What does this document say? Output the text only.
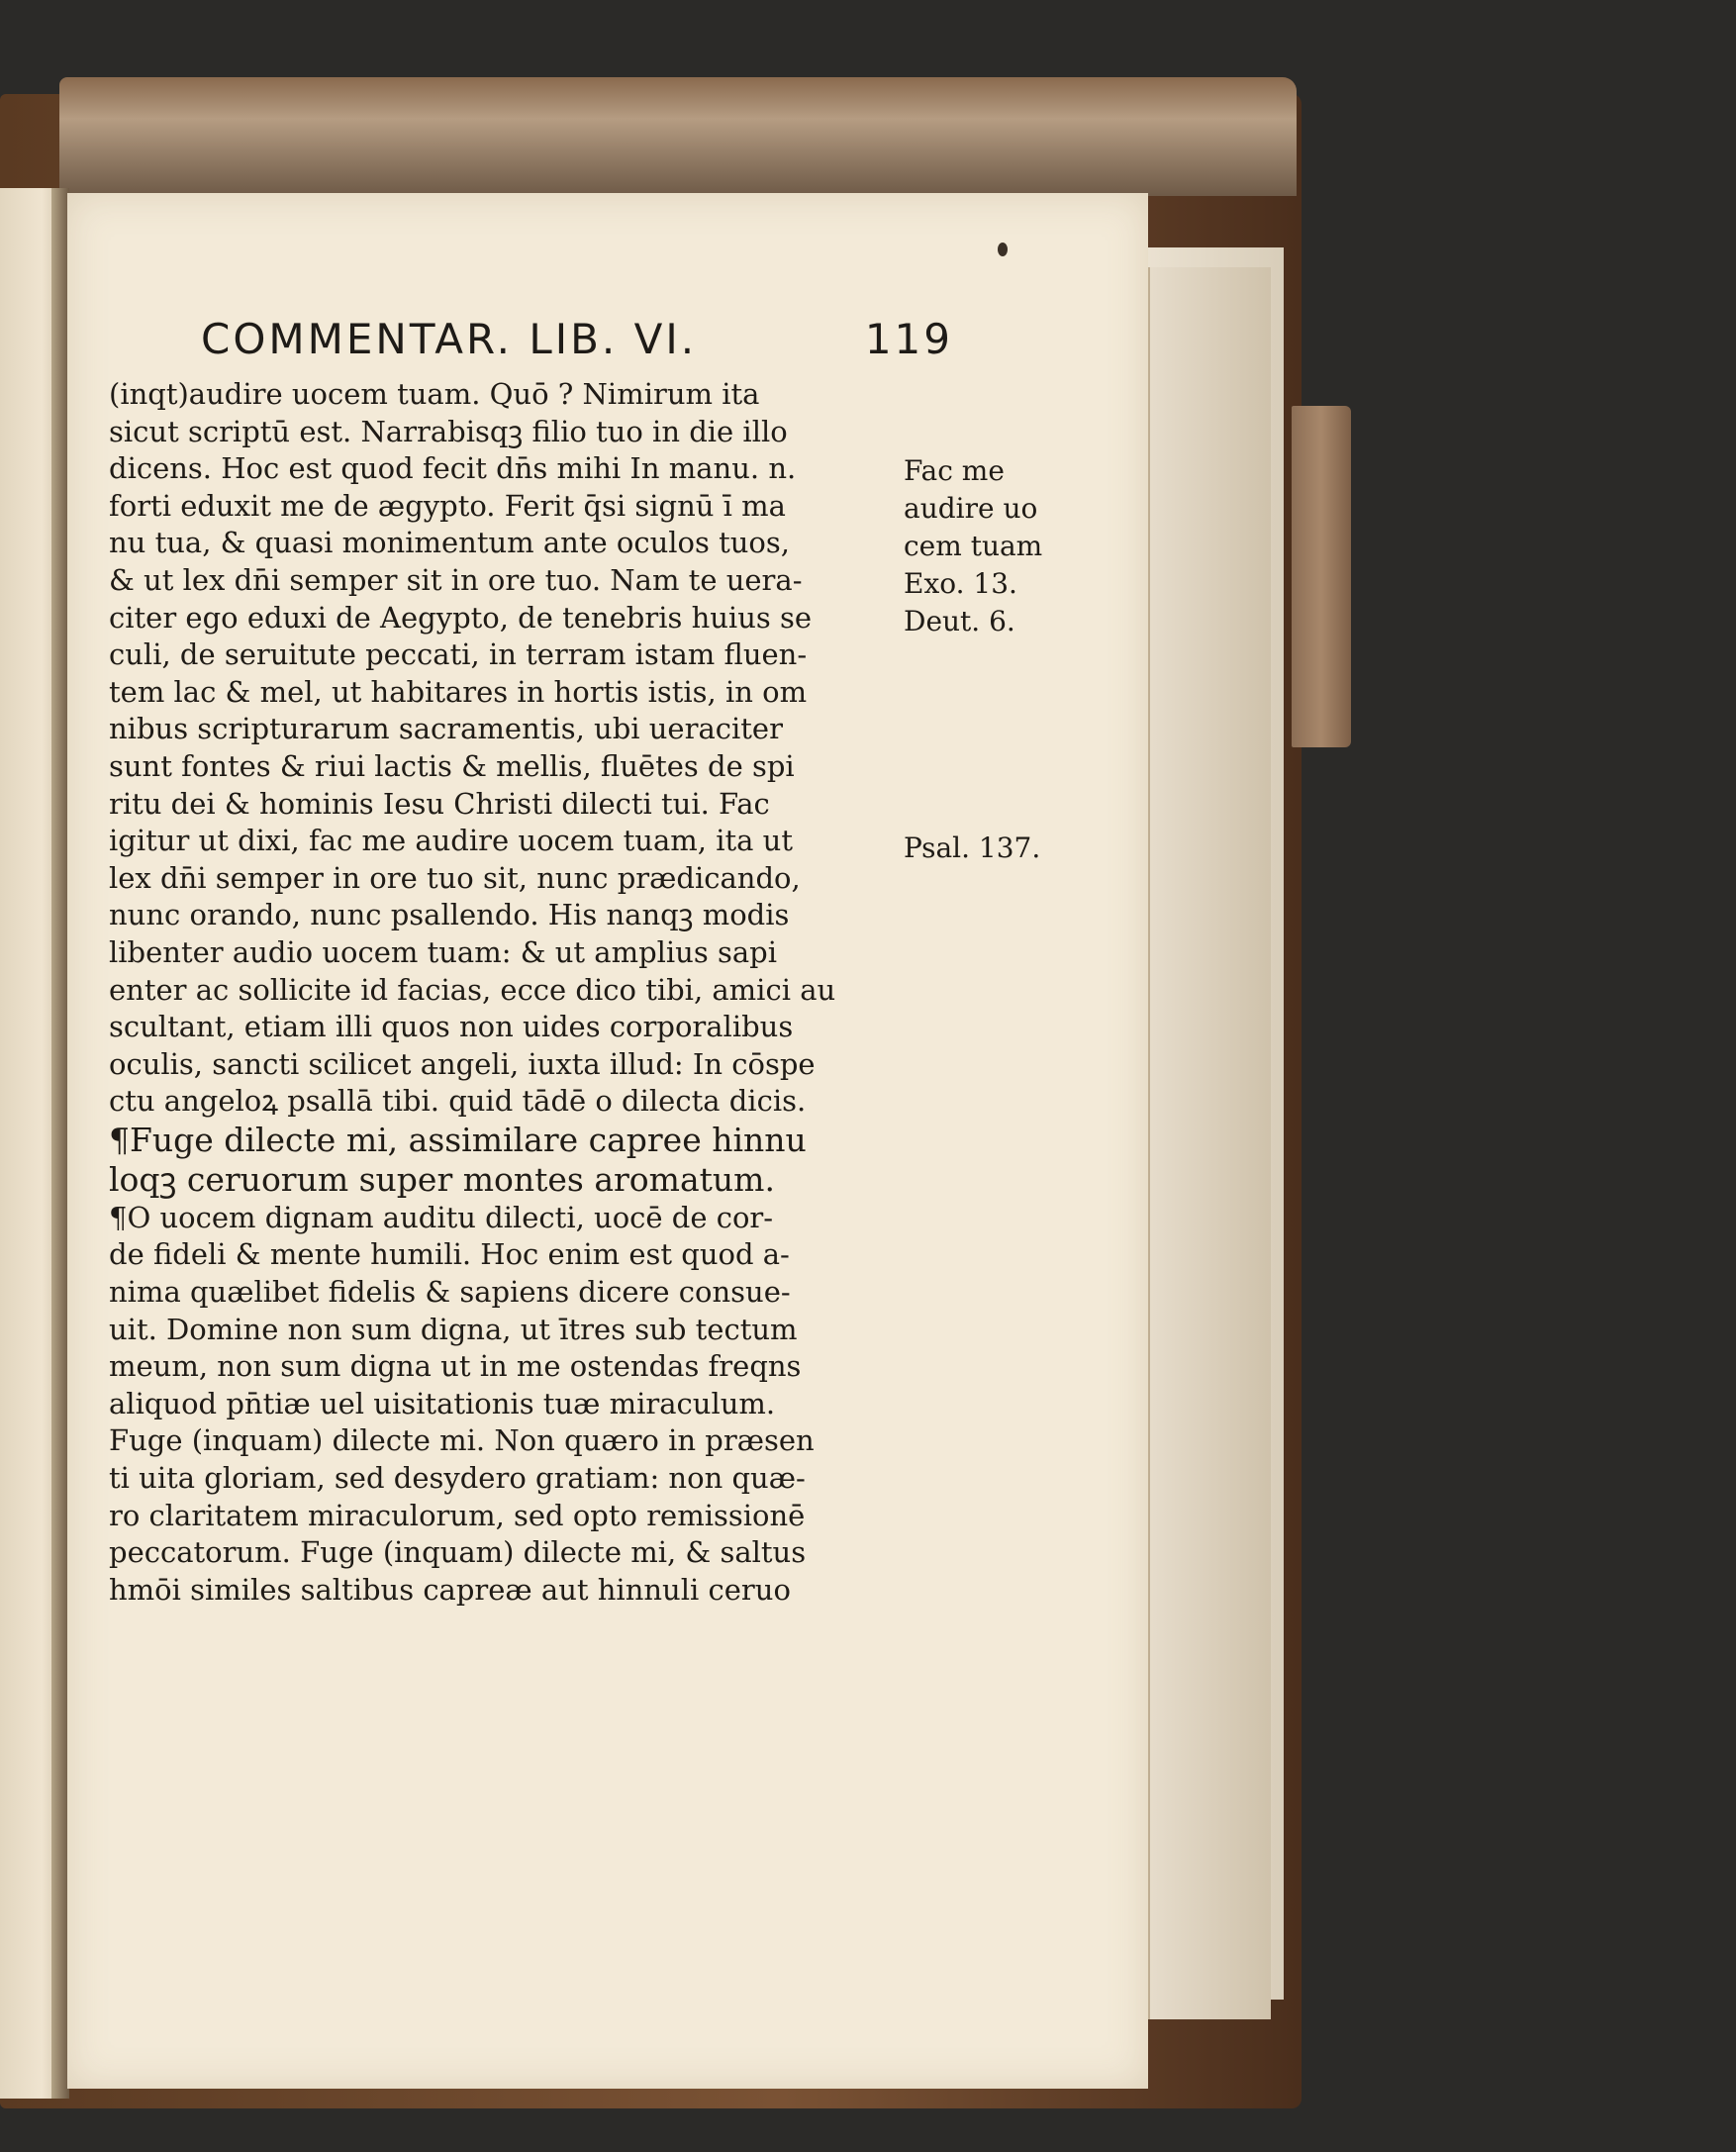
COMMENTAR. LIB. VI.	119
(inqt)audire uocem tuam. Quō ? Nimirum ita
sicut scriptū est. Narrabisqꝫ filio tuo in die illo
dicens. Hoc est quod fecit dn̄s mihi In manu. n.
forti eduxit me de ægypto. Ferit q̄si signū ī ma
nu tua, & quasi monimentum ante oculos tuos,
& ut lex dn̄i semper sit in ore tuo. Nam te uera-
citer ego eduxi de Aegypto, de tenebris huius se
culi, de seruitute peccati, in terram istam fluen-
tem lac & mel, ut habitares in hortis istis, in om
nibus scripturarum sacramentis, ubi ueraciter
sunt fontes & riui lactis & mellis, fluētes de spi
ritu dei & hominis Iesu Christi dilecti tui. Fac
igitur ut dixi, fac me audire uocem tuam, ita ut
lex dn̄i semper in ore tuo sit, nunc prædicando,
nunc orando, nunc psallendo. His nanqꝫ modis
libenter audio uocem tuam: & ut amplius sapi
enter ac sollicite id facias, ecce dico tibi, amici au
scultant, etiam illi quos non uides corporalibus
oculis, sancti scilicet angeli, iuxta illud: In cōspe
ctu angeloꝝ psallā tibi. quid tādē o dilecta dicis.
¶Fuge dilecte mi, assimilare capree hinnu
loqꝫ ceruorum super montes aromatum.
¶O uocem dignam auditu dilecti, uocē de cor-
de fideli & mente humili. Hoc enim est quod a-
nima quælibet fidelis & sapiens dicere consue-
uit. Domine non sum digna, ut ītres sub tectum
meum, non sum digna ut in me ostendas freqns
aliquod pn̄tiæ uel uisitationis tuæ miraculum.
Fuge (inquam) dilecte mi. Non quæro in præsen
ti uita gloriam, sed desydero gratiam: non quæ-
ro claritatem miraculorum, sed opto remissionē
peccatorum. Fuge (inquam) dilecte mi, & saltus
hmōi similes saltibus capreæ aut hinnuli ceruo
Fac me
audire uo
cem tuam
Exo. 13.
Deut. 6.
Psal. 137.
